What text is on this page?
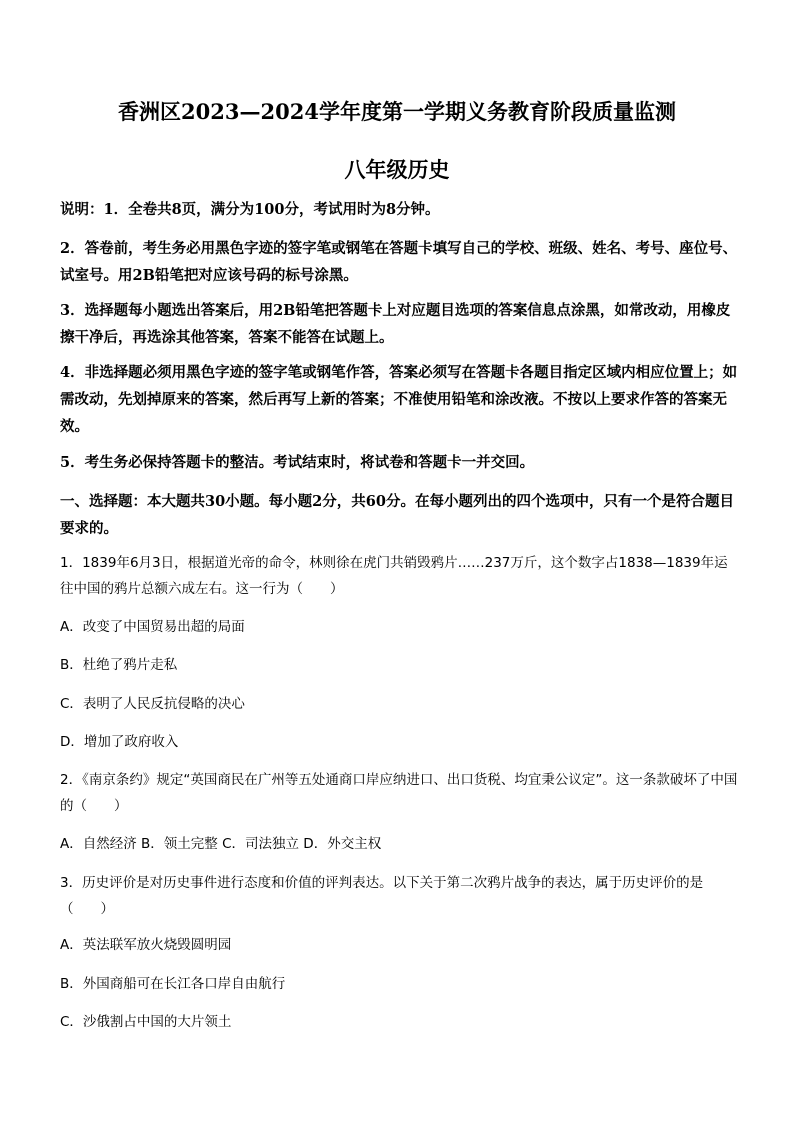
香洲区2023—2024学年度第一学期义务教育阶段质量监测
八年级历史
说明：1．全卷共8页，满分为100分，考试用时为8分钟。
2．答卷前，考生务必用黑色字迹的签字笔或钢笔在答题卡填写自己的学校、班级、姓名、考号、座位号、试室号。用2B铅笔把对应该号码的标号涂黑。
3．选择题每小题选出答案后，用2B铅笔把答题卡上对应题目选项的答案信息点涂黑，如常改动，用橡皮擦干净后，再选涂其他答案，答案不能答在试题上。
4．非选择题必须用黑色字迹的签字笔或钢笔作答，答案必须写在答题卡各题目指定区域内相应位置上；如需改动，先划掉原来的答案，然后再写上新的答案；不准使用铅笔和涂改液。不按以上要求作答的答案无效。
5．考生务必保持答题卡的整洁。考试结束时，将试卷和答题卡一并交回。
一、选择题：本大题共30小题。每小题2分，共60分。在每小题列出的四个选项中，只有一个是符合题目要求的。
1．1839年6月3日，根据道光帝的命令，林则徐在虎门共销毁鸦片……237万斤，这个数字占1838—1839年运往中国的鸦片总额六成左右。这一行为（　　）
A．改变了中国贸易出超的局面
B．杜绝了鸦片走私
C．表明了人民反抗侵略的决心
D．增加了政府收入
2．《南京条约》规定“英国商民在广州等五处通商口岸应纳进口、出口货税、均宜秉公议定”。这一条款破坏了中国的（　　）
A．自然经济 B．领土完整 C．司法独立 D．外交主权
3．历史评价是对历史事件进行态度和价值的评判表达。以下关于第二次鸦片战争的表达，属于历史评价的是（　　）
A．英法联军放火烧毁圆明园
B．外国商船可在长江各口岸自由航行
C．沙俄割占中国的大片领土
